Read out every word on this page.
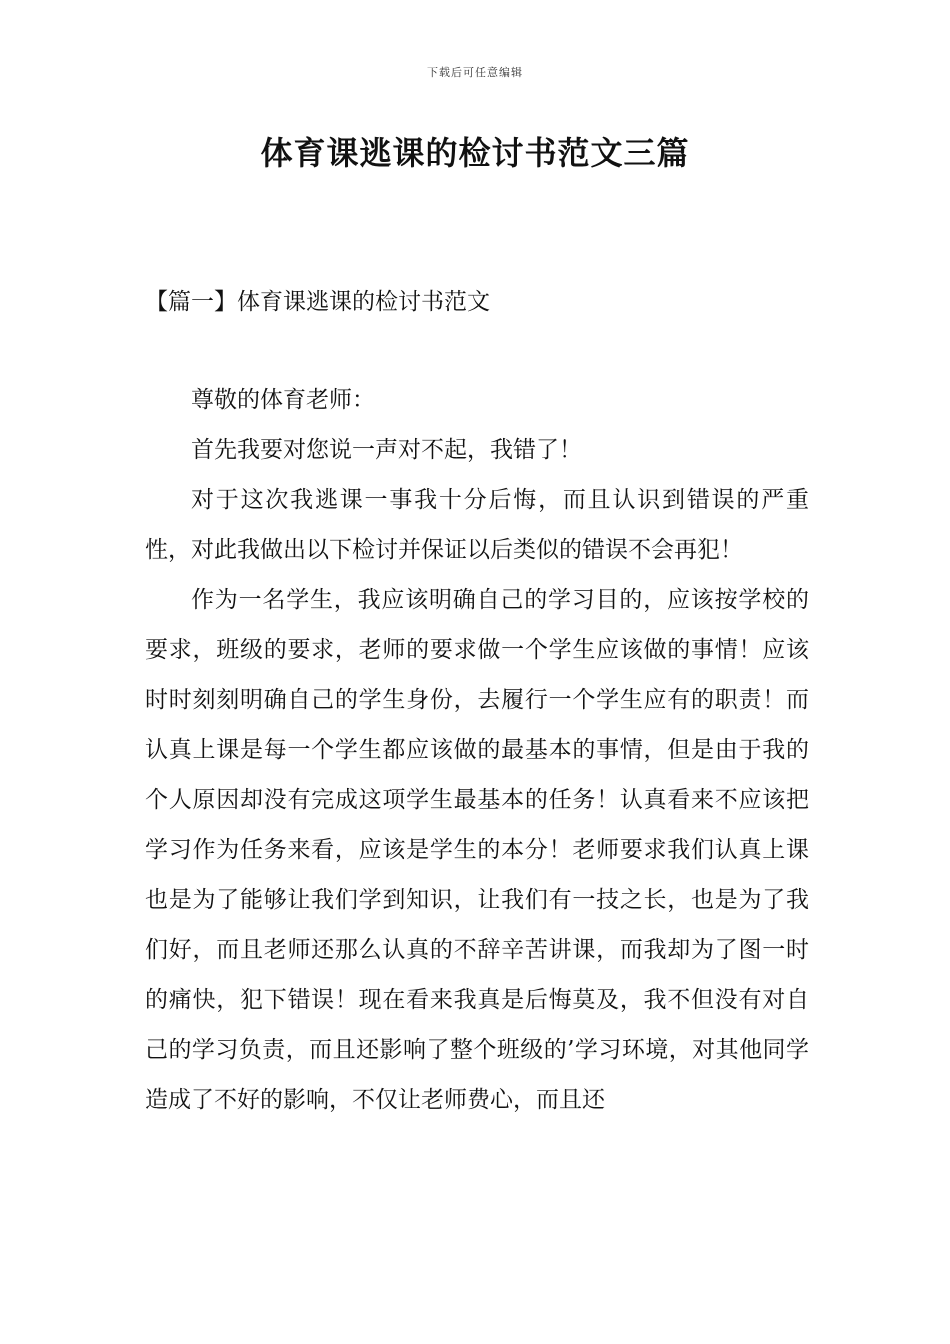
下载后可任意编辑
体育课逃课的检讨书范文三篇
【篇一】体育课逃课的检讨书范文

尊敬的体育老师：

首先我要对您说一声对不起，我错了！

对于这次我逃课一事我十分后悔，而且认识到错误的严重性，对此我做出以下检讨并保证以后类似的错误不会再犯！

作为一名学生，我应该明确自己的学习目的，应该按学校的要求，班级的要求，老师的要求做一个学生应该做的事情！应该时时刻刻明确自己的学生身份，去履行一个学生应有的职责！而认真上课是每一个学生都应该做的最基本的事情，但是由于我的个人原因却没有完成这项学生最基本的任务！认真看来不应该把学习作为任务来看，应该是学生的本分！老师要求我们认真上课也是为了能够让我们学到知识，让我们有一技之长，也是为了我们好，而且老师还那么认真的不辞辛苦讲课，而我却为了图一时的痛快，犯下错误！现在看来我真是后悔莫及，我不但没有对自己的学习负责，而且还影响了整个班级的’学习环境，对其他同学造成了不好的影响，不仅让老师费心，而且还
